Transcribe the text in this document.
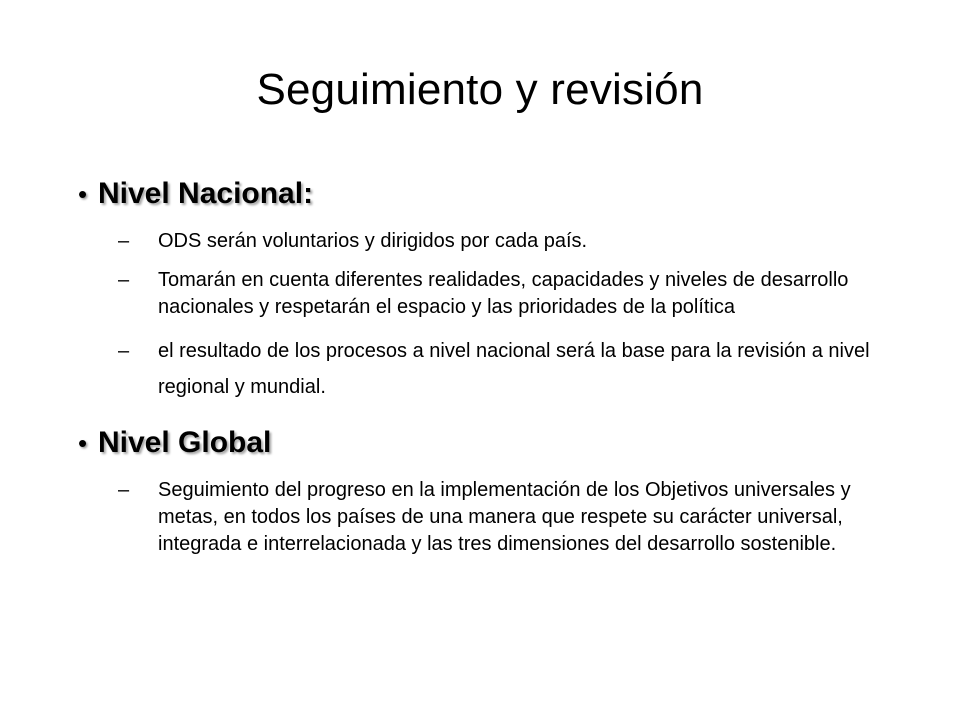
Seguimiento y revisión
• Nivel Nacional:
– ODS serán voluntarios y dirigidos por cada país.
– Tomarán en cuenta diferentes realidades, capacidades y niveles de desarrollo nacionales y respetarán el espacio y las prioridades de la política
– el resultado de los procesos a nivel nacional será la base para la revisión a nivel regional y mundial.
• Nivel Global
– Seguimiento del progreso en la implementación de los Objetivos universales y metas, en todos los países de una manera que respete su carácter universal, integrada e interrelacionada y las tres dimensiones del desarrollo sostenible.
